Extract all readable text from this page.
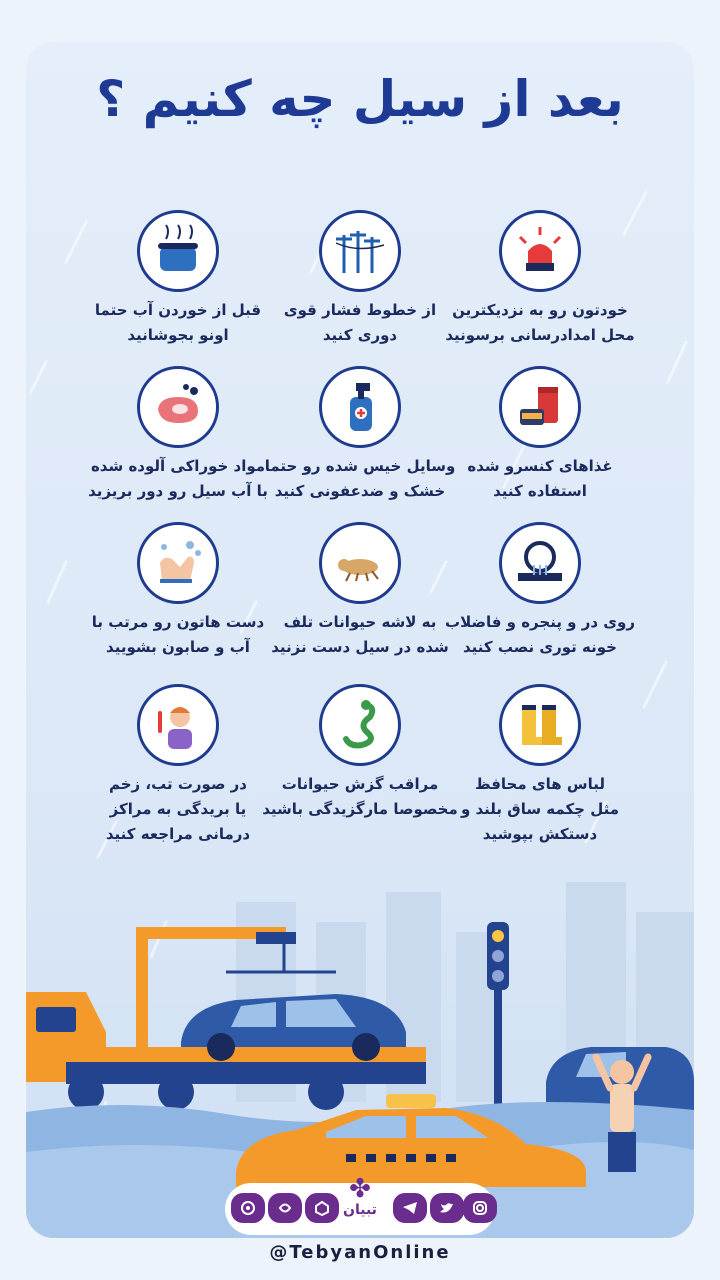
بعد از سیل چه کنیم ؟
خودتون رو به نزدیکترین
محل امدادرسانی برسونید
از خطوط فشار قوی
دوری کنید
قبل از خوردن آب حتما
اونو بجوشانید
غذاهای کنسرو شده
استفاده کنید
وسایل خیس شده رو حتما
خشک و ضدعفونی کنید
مواد خوراکی آلوده شده
با آب سیل رو دور بریزید
روی در و پنجره و فاضلاب
خونه توری نصب کنید
به لاشه حیوانات تلف
شده در سیل دست نزنید
دست هاتون رو مرتب با
آب و صابون بشویید
لباس های محافظ
مثل چکمه ساق بلند و
دستکش بپوشید
مراقب گزش حیوانات
مخصوصا مارگزیدگی باشید
در صورت تب، زخم
یا بریدگی به مراکز
درمانی مراجعه کنید
✤
تبیان
@TebyanOnline
